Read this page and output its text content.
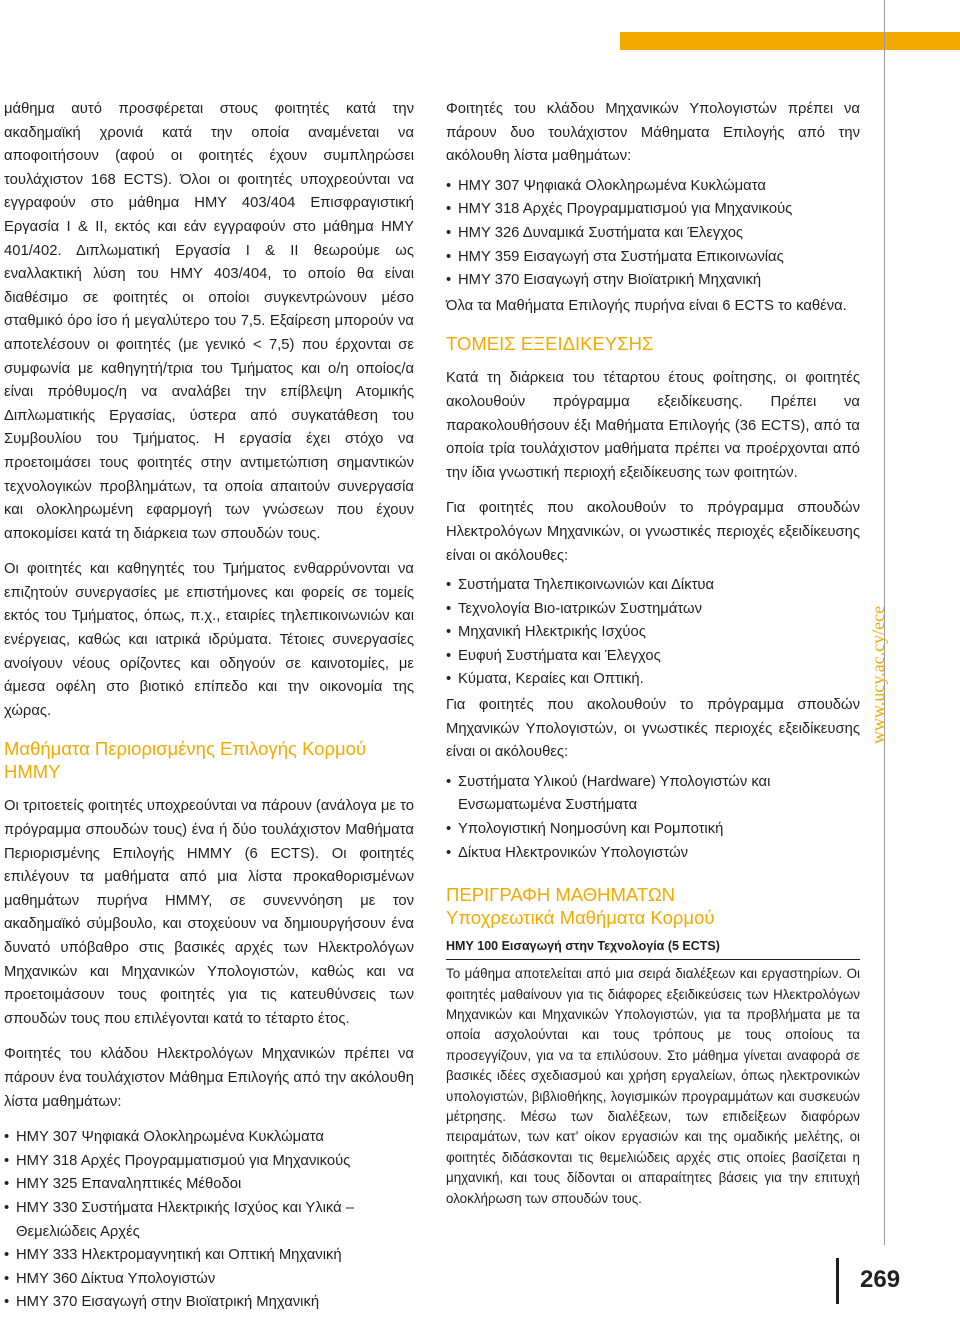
μάθημα αυτό προσφέρεται στους φοιτητές κατά την ακαδημαϊκή χρονιά κατά την οποία αναμένεται να αποφοιτήσουν (αφού οι φοιτητές έχουν συμπληρώσει τουλάχιστον 168 ECTS). Όλοι οι φοιτητές υποχρεούνται να εγγραφούν στο μάθημα ΗΜΥ 403/404 Επισφραγιστική Εργασία I & II, εκτός και εάν εγγραφούν στο μάθημα ΗΜΥ 401/402. Διπλωματική Εργασία I & II θεωρούμε ως εναλλακτική λύση του ΗΜΥ 403/404, το οποίο θα είναι διαθέσιμο σε φοιτητές οι οποίοι συγκεντρώνουν μέσο σταθμικό όρο ίσο ή μεγαλύτερο του 7,5. Εξαίρεση μπορούν να αποτελέσουν οι φοιτητές (με γενικό < 7,5) που έρχονται σε συμφωνία με καθηγητή/τρια του Τμήματος και ο/η οποίος/α είναι πρόθυμος/η να αναλάβει την επίβλεψη Ατομικής Διπλωματικής Εργασίας, ύστερα από συγκατάθεση του Συμβουλίου του Τμήματος. Η εργασία έχει στόχο να προετοιμάσει τους φοιτητές στην αντιμετώπιση σημαντικών τεχνολογικών προβλημάτων, τα οποία απαιτούν συνεργασία και ολοκληρωμένη εφαρμογή των γνώσεων που έχουν αποκομίσει κατά τη διάρκεια των σπουδών τους.

Οι φοιτητές και καθηγητές του Τμήματος ενθαρρύνονται να επιζητούν συνεργασίες με επιστήμονες και φορείς σε τομείς εκτός του Τμήματος, όπως, π.χ., εταιρίες τηλεπικοινωνιών και ενέργειας, καθώς και ιατρικά ιδρύματα. Τέτοιες συνεργασίες ανοίγουν νέους ορίζοντες και οδηγούν σε καινοτομίες, με άμεσα οφέλη στο βιοτικό επίπεδο και την οικονομία της χώρας.

Μαθήματα Περιορισμένης Επιλογής Κορμού ΗΜΜΥ

Οι τριτοετείς φοιτητές υποχρεούνται να πάρουν (ανάλογα με το πρόγραμμα σπουδών τους) ένα ή δύο τουλάχιστον Μαθήματα Περιορισμένης Επιλογής ΗΜΜΥ (6 ECTS). Οι φοιτητές επιλέγουν τα μαθήματα από μια λίστα προκαθορισμένων μαθημάτων πυρήνα ΗΜΜΥ, σε συνεννόηση με τον ακαδημαϊκό σύμβουλο, και στοχεύουν να δημιουργήσουν ένα δυνατό υπόβαθρο στις βασικές αρχές των Ηλεκτρολόγων Μηχανικών και Μηχανικών Υπολογιστών, καθώς και να προετοιμάσουν τους φοιτητές για τις κατευθύνσεις των σπουδών τους που επιλέγονται κατά το τέταρτο έτος.

Φοιτητές του κλάδου Ηλεκτρολόγων Μηχανικών πρέπει να πάρουν ένα τουλάχιστον Μάθημα Επιλογής από την ακόλουθη λίστα μαθημάτων:

• ΗΜΥ 307 Ψηφιακά Ολοκληρωμένα Κυκλώματα
• ΗΜΥ 318 Αρχές Προγραμματισμού για Μηχανικούς
• ΗΜΥ 325 Επαναληπτικές Μέθοδοι
• ΗΜΥ 330 Συστήματα Ηλεκτρικής Ισχύος και Υλικά – Θεμελιώδεις Αρχές
• ΗΜΥ 333 Ηλεκτρομαγνητική και Οπτική Μηχανική
• ΗΜΥ 360 Δίκτυα Υπολογιστών
• ΗΜΥ 370 Εισαγωγή στην Βιοϊατρική Μηχανική

Φοιτητές του κλάδου Μηχανικών Υπολογιστών πρέπει να πάρουν δυο τουλάχιστον Μάθηματα Επιλογής από την ακόλουθη λίστα μαθημάτων:

• ΗΜΥ 307 Ψηφιακά Ολοκληρωμένα Κυκλώματα
• ΗΜΥ 318 Αρχές Προγραμματισμού για Μηχανικούς
• ΗΜΥ 326 Δυναμικά Συστήματα και Έλεγχος
• ΗΜΥ 359 Εισαγωγή στα Συστήματα Επικοινωνίας
• ΗΜΥ 370 Εισαγωγή στην Βιοϊατρική Μηχανική

Όλα τα Μαθήματα Επιλογής πυρήνα είναι 6 ECTS το καθένα.

ΤΟΜΕΙΣ ΕΞΕΙΔΙΚΕΥΣΗΣ

Κατά τη διάρκεια του τέταρτου έτους φοίτησης, οι φοιτητές ακολουθούν πρόγραμμα εξειδίκευσης. Πρέπει να παρακολουθήσουν έξι Μαθήματα Επιλογής (36 ECTS), από τα οποία τρία τουλάχιστον μαθήματα πρέπει να προέρχονται από την ίδια γνωστική περιοχή εξειδίκευσης των φοιτητών.

Για φοιτητές που ακολουθούν το πρόγραμμα σπουδών Ηλεκτρολόγων Μηχανικών, οι γνωστικές περιοχές εξειδίκευσης είναι οι ακόλουθες:

• Συστήματα Τηλεπικοινωνιών και Δίκτυα
• Τεχνολογία Βιο-ιατρικών Συστημάτων
• Μηχανική Ηλεκτρικής Ισχύος
• Ευφυή Συστήματα και Έλεγχος
• Κύματα, Κεραίες και Οπτική.

Για φοιτητές που ακολουθούν το πρόγραμμα σπουδών Μηχανικών Υπολογιστών, οι γνωστικές περιοχές εξειδίκευσης είναι οι ακόλουθες:

• Συστήματα Υλικού (Hardware) Υπολογιστών και Ενσωματωμένα Συστήματα
• Υπολογιστική Νοημοσύνη και Ρομποτική
• Δίκτυα Ηλεκτρονικών Υπολογιστών
ΠΕΡΙΓΡΑΦΗ ΜΑΘΗΜΑΤΩΝ
Υποχρεωτικά Μαθήματα Κορμού
ΗΜΥ 100 Εισαγωγή στην Τεχνολογία (5 ECTS)

Το μάθημα αποτελείται από μια σειρά διαλέξεων και εργαστηρίων. Οι φοιτητές μαθαίνουν για τις διάφορες εξειδικεύσεις των Ηλεκτρολόγων Μηχανικών και Μηχανικών Υπολογιστών, για τα προβλήματα με τα οποία ασχολούνται και τους τρόπους με τους οποίους τα προσεγγίζουν, για να τα επιλύσουν. Στο μάθημα γίνεται αναφορά σε βασικές ιδέες σχεδιασμού και χρήση εργαλείων, όπως ηλεκτρονικών υπολογιστών, βιβλιοθήκης, λογισμικών προγραμμάτων και συσκευών μέτρησης. Μέσω των διαλέξεων, των επιδείξεων διαφόρων πειραμάτων, των κατ’ οίκον εργασιών και της ομαδικής μελέτης, οι φοιτητές διδάσκονται τις θεμελιώδεις αρχές στις οποίες βασίζεται η μηχανική, και τους δίδονται οι απαραίτητες βάσεις για την επιτυχή ολοκλήρωση των σπουδών τους.

www.ucy.ac.cy/ece
269
